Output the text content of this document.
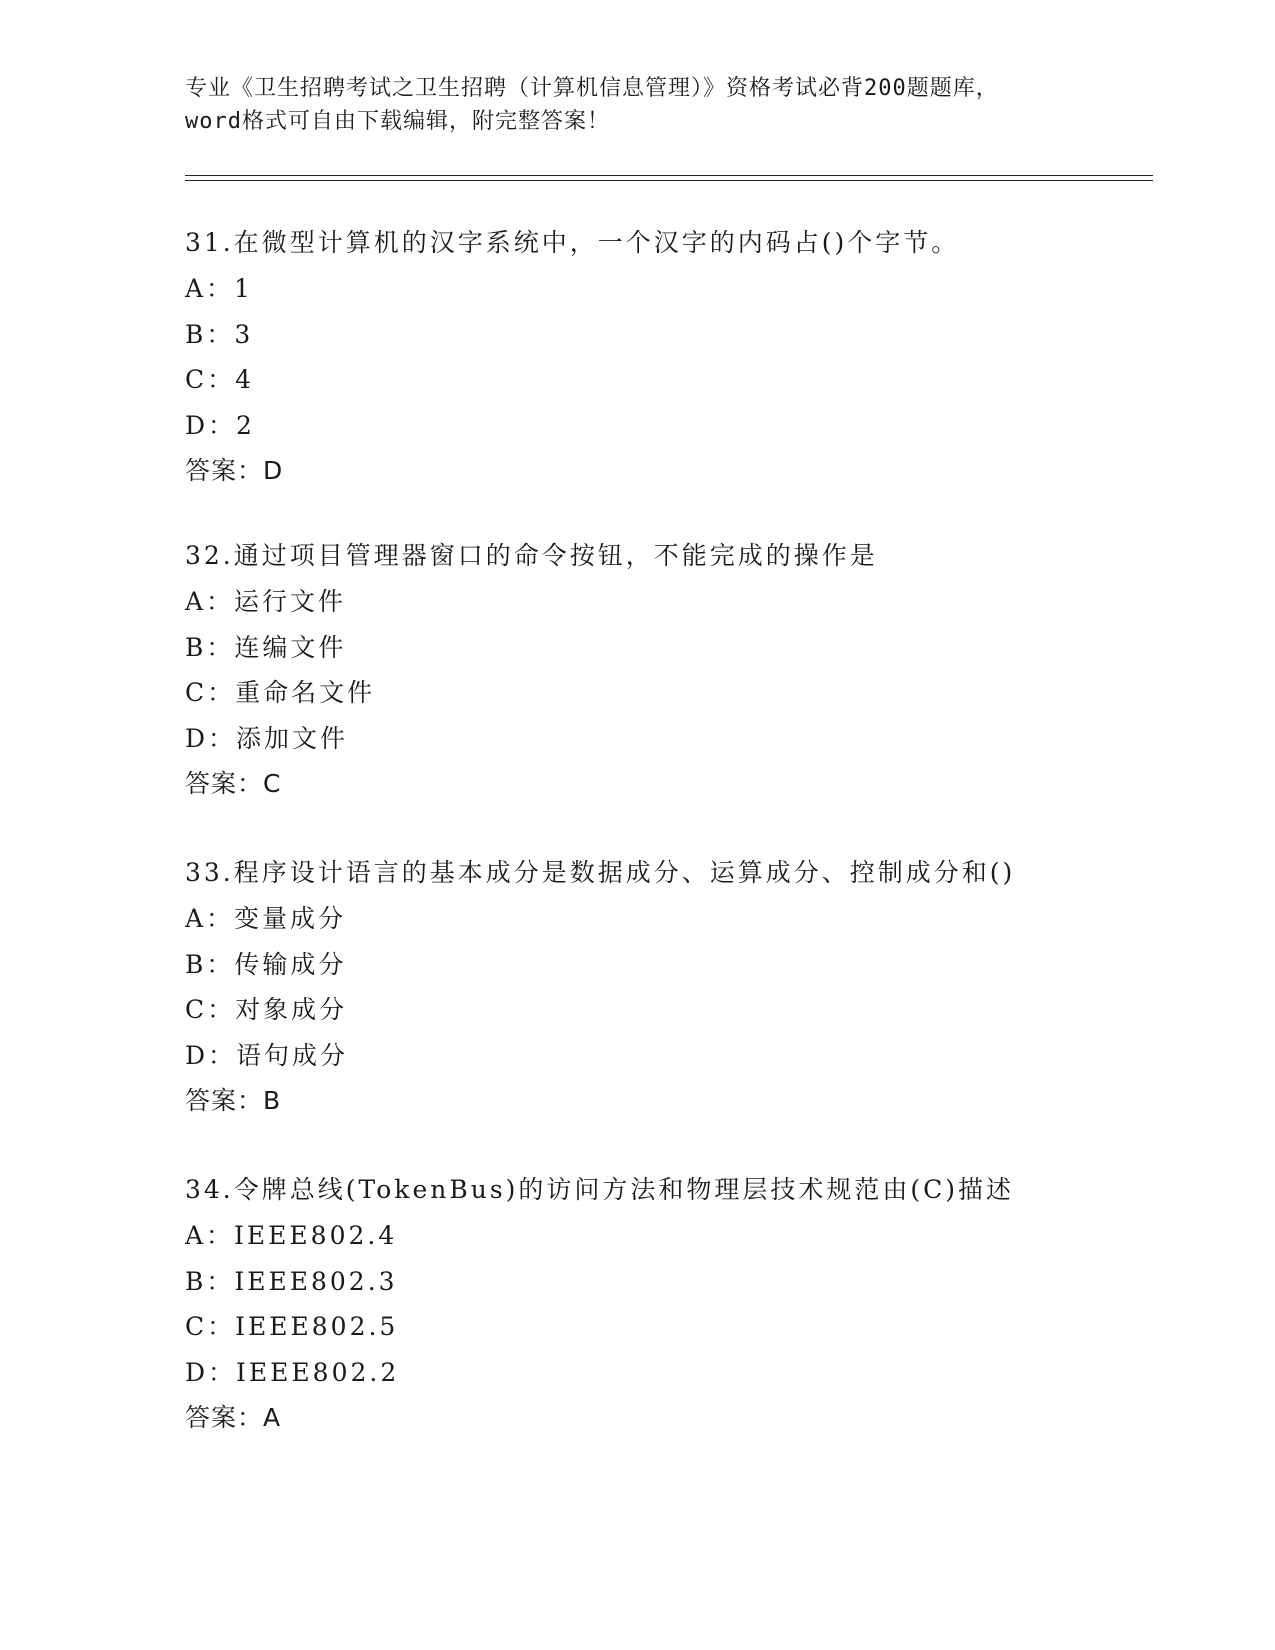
专业《卫生招聘考试之卫生招聘（计算机信息管理）》资格考试必背200题题库，
word格式可自由下载编辑，附完整答案！
31.在微型计算机的汉字系统中，一个汉字的内码占()个字节。
A：1
B：3
C：4
D：2
答案：D
32.通过项目管理器窗口的命令按钮，不能完成的操作是
A：运行文件
B：连编文件
C：重命名文件
D：添加文件
答案：C
33.程序设计语言的基本成分是数据成分、运算成分、控制成分和()
A：变量成分
B：传输成分
C：对象成分
D：语句成分
答案：B
34.令牌总线(TokenBus)的访问方法和物理层技术规范由(C)描述
A：IEEE802.4
B：IEEE802.3
C：IEEE802.5
D：IEEE802.2
答案：A
